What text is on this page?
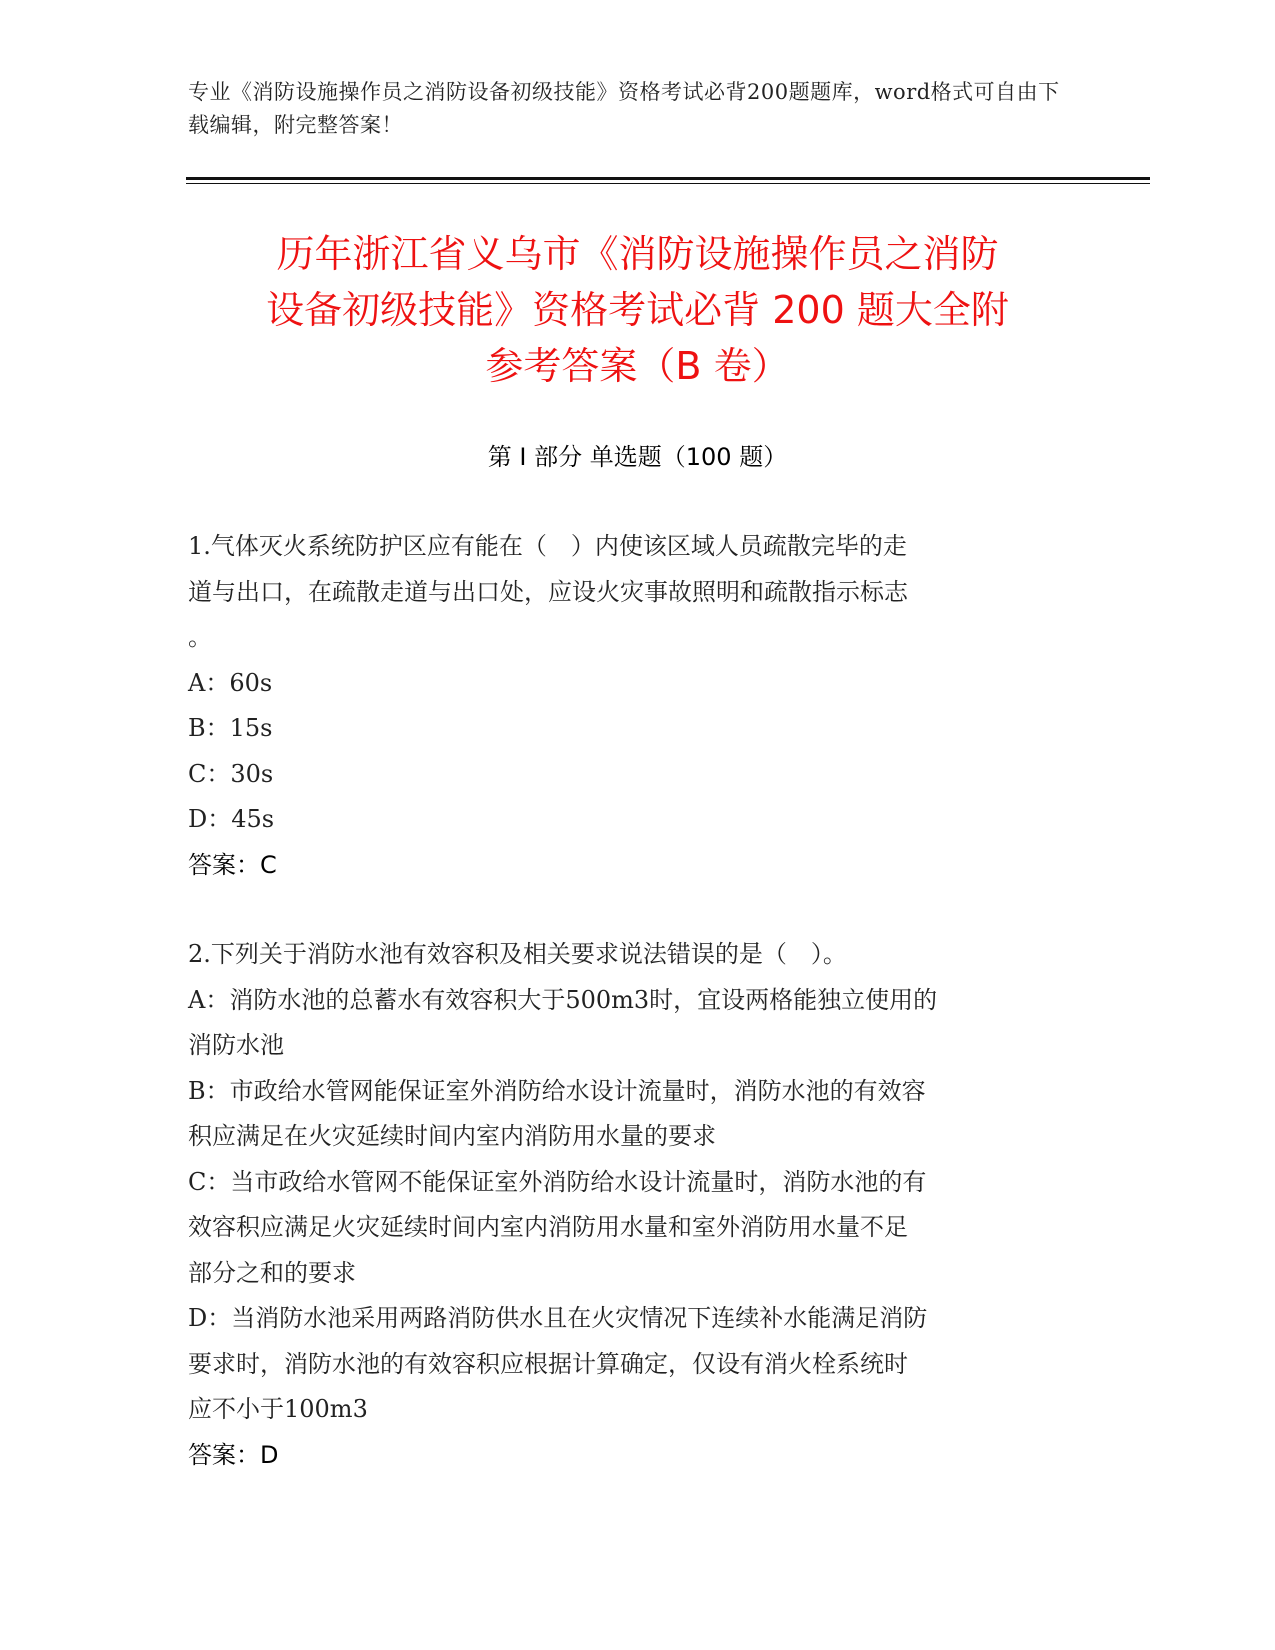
专业《消防设施操作员之消防设备初级技能》资格考试必背200题题库，word格式可自由下载编辑，附完整答案！
历年浙江省义乌市《消防设施操作员之消防
设备初级技能》资格考试必背 200 题大全附
参考答案（B 卷）
第 I 部分 单选题（100 题）
1.气体灭火系统防护区应有能在（　）内使该区域人员疏散完毕的走
道与出口，在疏散走道与出口处，应设火灾事故照明和疏散指示标志
。
A：60s
B：15s
C：30s
D：45s
答案：C
2.下列关于消防水池有效容积及相关要求说法错误的是（　）。
A：消防水池的总蓄水有效容积大于500m3时，宜设两格能独立使用的
消防水池
B：市政给水管网能保证室外消防给水设计流量时，消防水池的有效容
积应满足在火灾延续时间内室内消防用水量的要求
C：当市政给水管网不能保证室外消防给水设计流量时，消防水池的有
效容积应满足火灾延续时间内室内消防用水量和室外消防用水量不足
部分之和的要求
D：当消防水池采用两路消防供水且在火灾情况下连续补水能满足消防
要求时，消防水池的有效容积应根据计算确定，仅设有消火栓系统时
应不小于100m3
答案：D
